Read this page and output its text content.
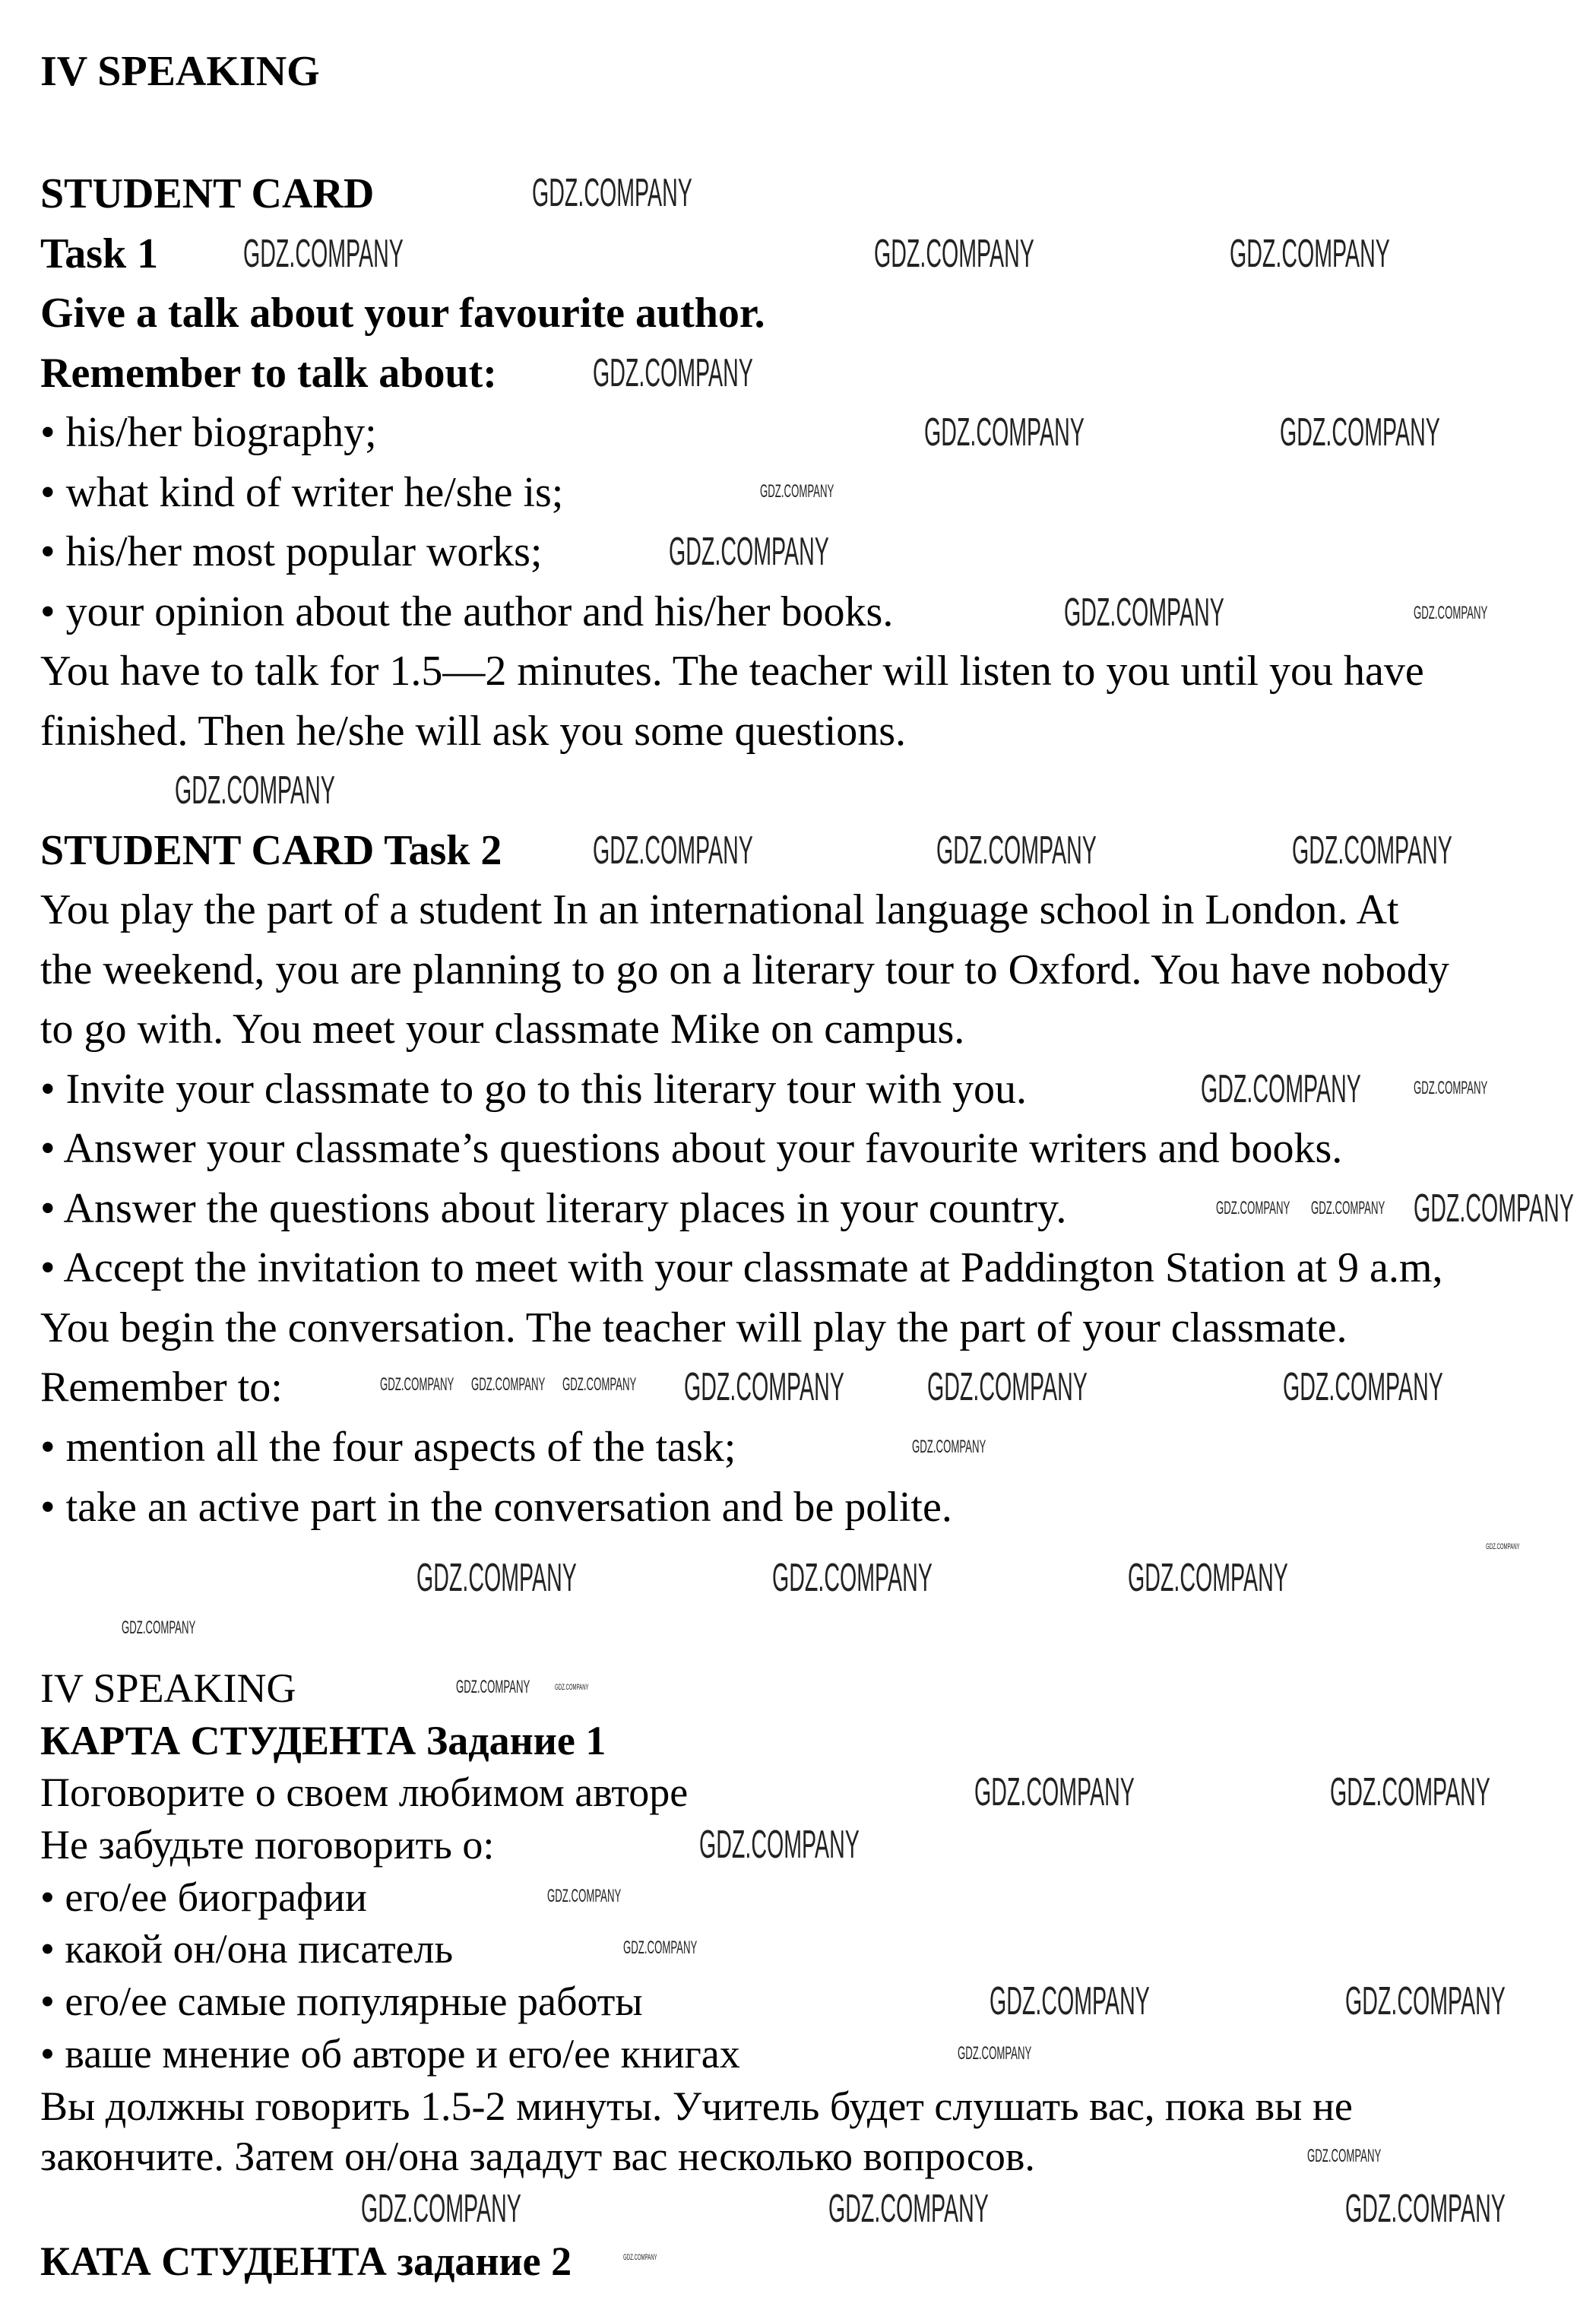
IV SPEAKING
STUDENT CARD
Task 1
Give a talk about your favourite author.
Remember to talk about:
• his/her biography;
• what kind of writer he/she is;
• his/her most popular works;
• your opinion about the author and his/her books.
You have to talk for 1.5—2 minutes. The teacher will listen to you until you have
finished. Then he/she will ask you some questions.
STUDENT CARD Task 2
You play the part of a student In an international language school in London. At
the weekend, you are planning to go on a literary tour to Oxford. You have nobody
to go with. You meet your classmate Mike on campus.
• Invite your classmate to go to this literary tour with you.
• Answer your classmate’s questions about your favourite writers and books.
• Answer the questions about literary places in your country.
• Accept the invitation to meet with your classmate at Paddington Station at 9 a.m,
You begin the conversation. The teacher will play the part of your classmate.
Remember to:
• mention all the four aspects of the task;
• take an active part in the conversation and be polite.
IV SPEAKING
КАРТА СТУДЕНТА Задание 1
Поговорите о своем любимом авторе
Не забудьте поговорить о:
• его/ее биографии
• какой он/она писатель
• его/ее самые популярные работы
• ваше мнение об авторе и его/ее книгах
Вы должны говорить 1.5-2 минуты. Учитель будет слушать вас, пока вы не
закончите. Затем он/она зададут вас несколько вопросов.
КАТА СТУДЕНТА задание 2
GDZ.COMPANY
GDZ.COMPANY	GDZ.COMPANY	GDZ.COMPANY
GDZ.COMPANY
GDZ.COMPANY	GDZ.COMPANY
GDZ.COMPANY
GDZ.COMPANY
GDZ.COMPANY	GDZ.COMPANY
GDZ.COMPANY
GDZ.COMPANY
GDZ.COMPANY	GDZ.COMPANY
GDZ.COMPANY
GDZ.COMPANY
GDZ.COMPANY GDZ.COMPANY GDZ.COMPANY
GDZ.COMPANY GDZ.COMPANY GDZ.COMPANY GDZ.COMPANY GDZ.COMPANY	GDZ.COMPANY
GDZ.COMPANY
GDZ.COMPANY	GDZ.COMPANY	GDZ.COMPANY
GDZ.COMPANY
GDZ.COMPANY
GDZ.COMPANY	GDZ.COMPANY
GDZ.COMPANY	GDZ.COMPANY
GDZ.COMPANY
GDZ.COMPANY
GDZ.COMPANY
GDZ.COMPANY	GDZ.COMPANY
GDZ.COMPANY
GDZ.COMPANY
GDZ.COMPANY	GDZ.COMPANY	GDZ.COMPANY
GDZ.COMPANY
